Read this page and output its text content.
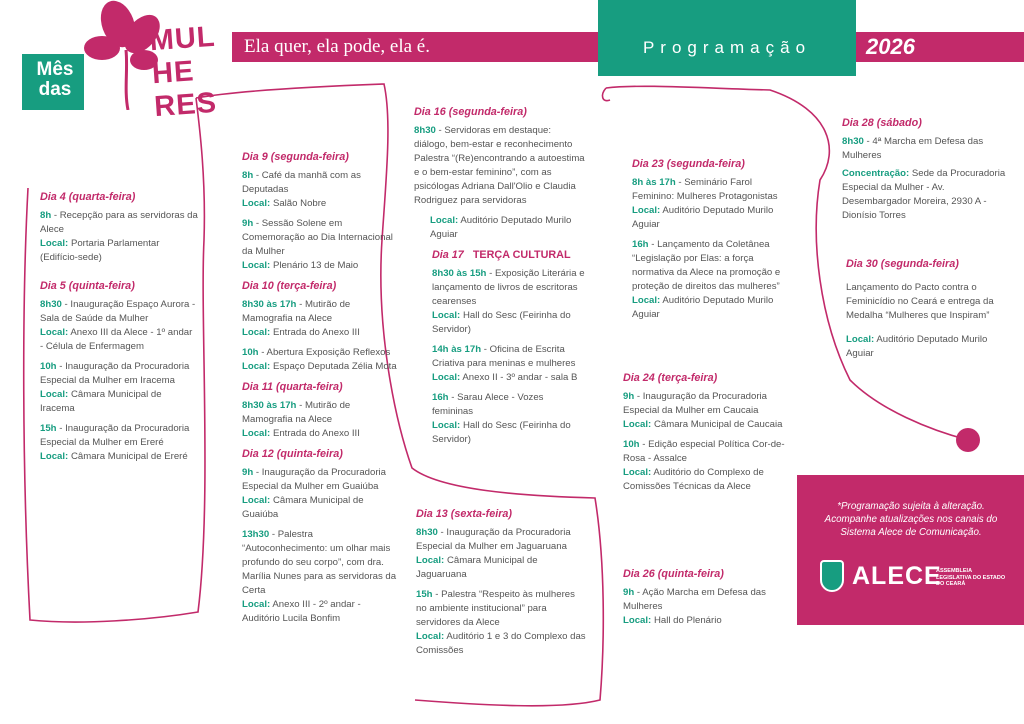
Ela quer, ela pode, ela é.	Programação	2026
Mês
das
MUL
HE
RES
Dia 4 (quarta-feira)

8h - Recepção para as servidoras da Alece

Local: Portaria Parlamentar (Edifício-sede)

Dia 5 (quinta-feira)

8h30 - Inauguração Espaço Aurora - Sala de Saúde da Mulher

Local: Anexo III da Alece - 1º andar - Célula de Enfermagem

10h - Inauguração da Procuradoria Especial da Mulher em Iracema

Local: Câmara Municipal de Iracema

15h - Inauguração da Procuradoria Especial da Mulher em Ereré

Local: Câmara Municipal de Ereré

Dia 9 (segunda-feira)

8h - Café da manhã com as Deputadas

Local: Salão Nobre

9h - Sessão Solene em Comemoração ao Dia Internacional da Mulher

Local: Plenário 13 de Maio

Dia 10 (terça-feira)

8h30 às 17h - Mutirão de Mamografia na Alece

Local: Entrada do Anexo III

10h - Abertura Exposição Reflexos

Local: Espaço Deputada Zélia Mota

Dia 11 (quarta-feira)

8h30 às 17h - Mutirão de Mamografia na Alece

Local: Entrada do Anexo III

Dia 12 (quinta-feira)

9h - Inauguração da Procuradoria Especial da Mulher em Guaiúba

Local: Câmara Municipal de Guaiúba

13h30 - Palestra “Autoconhecimento: um olhar mais profundo do seu corpo”, com dra. Marília Nunes para as servidoras da Certa

Local: Anexo III - 2º andar - Auditório Lucila Bonfim

Dia 16 (segunda-feira)

8h30 - Servidoras em destaque: diálogo, bem-estar e reconhecimento Palestra “(Re)encontrando a autoestima e o bem-estar feminino”, com as psicólogas Adriana Dall'Olio e Claudia Rodriguez para servidoras

Local: Auditório Deputado Murilo Aguiar

Dia 17 TERÇA CULTURAL

8h30 às 15h - Exposição Literária e lançamento de livros de escritoras cearenses

Local: Hall do Sesc (Feirinha do Servidor)

14h às 17h - Oficina de Escrita Criativa para meninas e mulheres

Local: Anexo II - 3º andar - sala B

16h - Sarau Alece - Vozes femininas

Local: Hall do Sesc (Feirinha do Servidor)

Dia 13 (sexta-feira)

8h30 - Inauguração da Procuradoria Especial da Mulher em Jaguaruana

Local: Câmara Municipal de Jaguaruana

15h - Palestra “Respeito às mulheres no ambiente institucional” para servidores da Alece

Local: Auditório 1 e 3 do Complexo das Comissões

Dia 23 (segunda-feira)

8h às 17h - Seminário Farol Feminino: Mulheres Protagonistas

Local: Auditório Deputado Murilo Aguiar

16h - Lançamento da Coletânea “Legislação por Elas: a força normativa da Alece na promoção e proteção de direitos das mulheres”

Local: Auditório Deputado Murilo Aguiar

Dia 24 (terça-feira)

9h - Inauguração da Procuradoria Especial da Mulher em Caucaia

Local: Câmara Municipal de Caucaia

10h - Edição especial Política Cor-de-Rosa - Assalce

Local: Auditório do Complexo de Comissões Técnicas da Alece

Dia 26 (quinta-feira)

9h - Ação Marcha em Defesa das Mulheres

Local: Hall do Plenário

Dia 28 (sábado)

8h30 - 4ª Marcha em Defesa das Mulheres

Concentração: Sede da Procuradoria Especial da Mulher - Av. Desembargador Moreira, 2930 A - Dionísio Torres

Dia 30 (segunda-feira)

Lançamento do Pacto contra o Feminicídio no Ceará e entrega da Medalha “Mulheres que Inspiram”

Local: Auditório Deputado Murilo Aguiar

*Programação sujeita à alteração.
Acompanhe atualizações nos canais do Sistema Alece de Comunicação.
ALECE
ASSEMBLEIA LEGISLATIVA DO ESTADO DO CEARÁ
